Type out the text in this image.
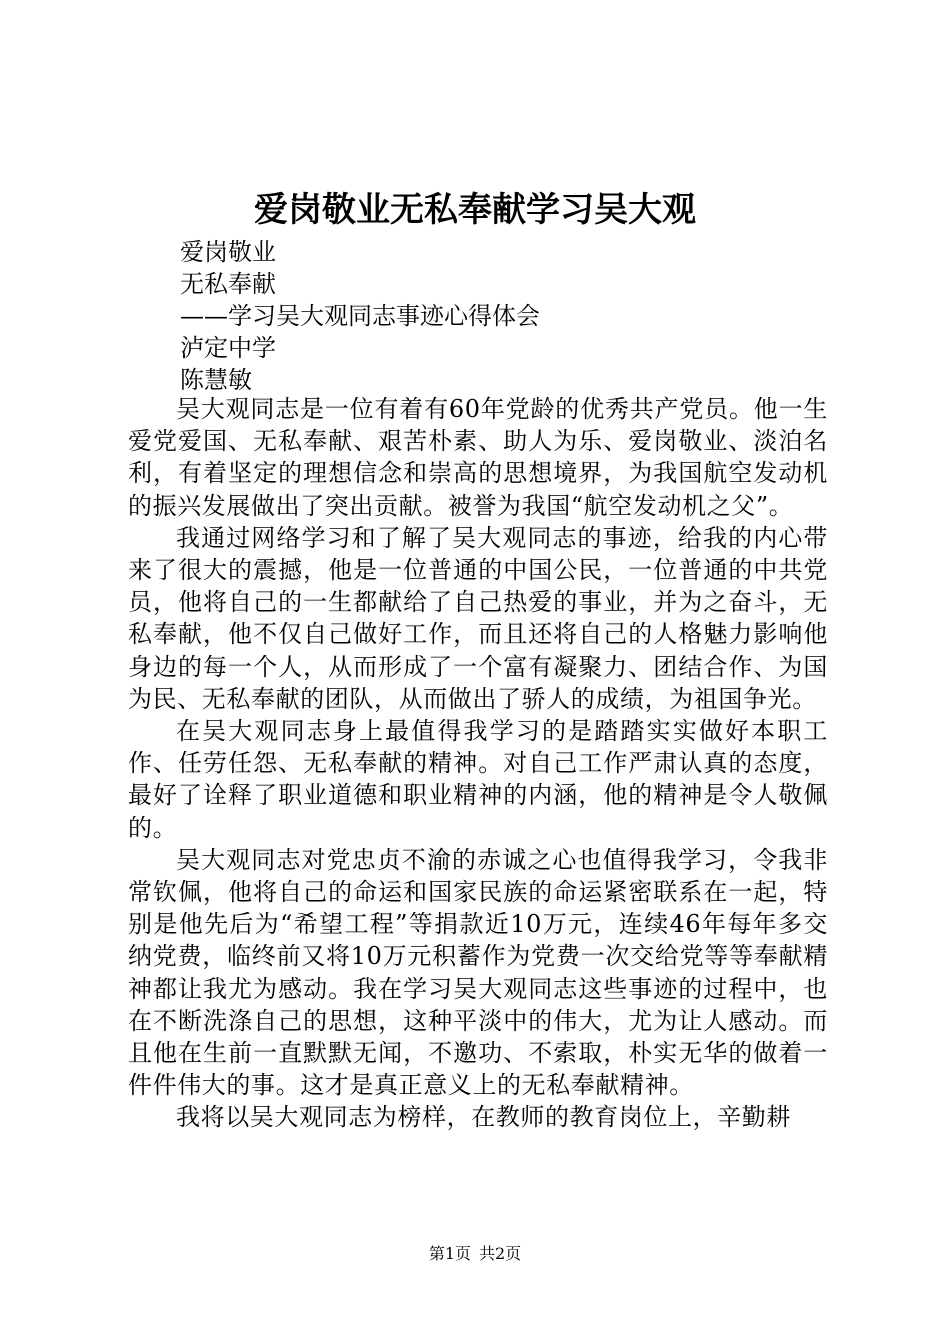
爱岗敬业无私奉献学习吴大观
爱岗敬业
无私奉献
——学习吴大观同志事迹心得体会
泸定中学
陈慧敏

吴大观同志是一位有着有60年党龄的优秀共产党员。他一生爱党爱国、无私奉献、艰苦朴素、助人为乐、爱岗敬业、淡泊名利，有着坚定的理想信念和崇高的思想境界，为我国航空发动机的振兴发展做出了突出贡献。被誉为我国“航空发动机之父”。

我通过网络学习和了解了吴大观同志的事迹，给我的内心带来了很大的震撼，他是一位普通的中国公民，一位普通的中共党员，他将自己的一生都献给了自己热爱的事业，并为之奋斗，无私奉献，他不仅自己做好工作，而且还将自己的人格魅力影响他身边的每一个人，从而形成了一个富有凝聚力、团结合作、为国为民、无私奉献的团队，从而做出了骄人的成绩，为祖国争光。

在吴大观同志身上最值得我学习的是踏踏实实做好本职工作、任劳任怨、无私奉献的精神。对自己工作严肃认真的态度，最好了诠释了职业道德和职业精神的内涵，他的精神是令人敬佩的。

吴大观同志对党忠贞不渝的赤诚之心也值得我学习，令我非常钦佩，他将自己的命运和国家民族的命运紧密联系在一起，特别是他先后为“希望工程”等捐款近10万元，连续46年每年多交纳党费，临终前又将10万元积蓄作为党费一次交给党等等奉献精神都让我尤为感动。我在学习吴大观同志这些事迹的过程中，也在不断洗涤自己的思想，这种平淡中的伟大，尤为让人感动。而且他在生前一直默默无闻，不邀功、不索取，朴实无华的做着一件件伟大的事。这才是真正意义上的无私奉献精神。

我将以吴大观同志为榜样，在教师的教育岗位上，辛勤耕

第1页 共2页
